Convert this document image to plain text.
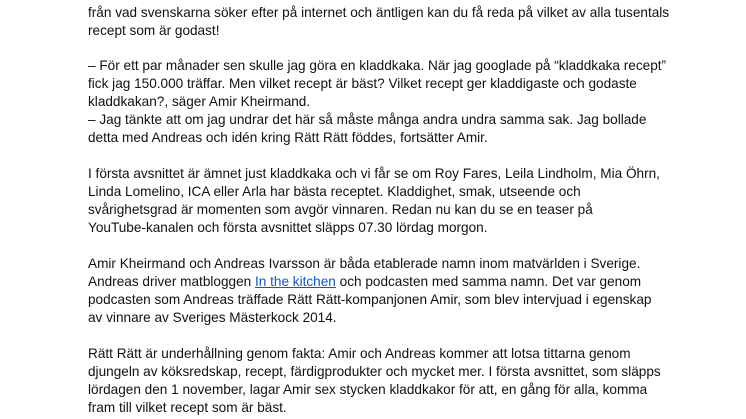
från vad svenskarna söker efter på internet och äntligen kan du få reda på vilket av alla tusentals
recept som är godast!
– För ett par månader sen skulle jag göra en kladdkaka. När jag googlade på “kladdkaka recept”
fick jag 150.000 träffar. Men vilket recept är bäst? Vilket recept ger kladdigaste och godaste
kladdkakan?, säger Amir Kheirmand.
– Jag tänkte att om jag undrar det här så måste många andra undra samma sak. Jag bollade
detta med Andreas och idén kring Rätt Rätt föddes, fortsätter Amir.
I första avsnittet är ämnet just kladdkaka och vi får se om Roy Fares, Leila Lindholm, Mia Öhrn,
Linda Lomelino, ICA eller Arla har bästa receptet. Kladdighet, smak, utseende och
svårighetsgrad är momenten som avgör vinnaren. Redan nu kan du se en teaser på
YouTube-kanalen och första avsnittet släpps 07.30 lördag morgon.
Amir Kheirmand och Andreas Ivarsson är båda etablerade namn inom matvärlden i Sverige.
Andreas driver matbloggen In the kitchen och podcasten med samma namn. Det var genom
podcasten som Andreas träffade Rätt Rätt-kompanjonen Amir, som blev intervjuad i egenskap
av vinnare av Sveriges Mästerkock 2014.
Rätt Rätt är underhållning genom fakta: Amir och Andreas kommer att lotsa tittarna genom
djungeln av köksredskap, recept, färdigprodukter och mycket mer. I första avsnittet, som släpps
lördagen den 1 november, lagar Amir sex stycken kladdkakor för att, en gång för alla, komma
fram till vilket recept som är bäst.
